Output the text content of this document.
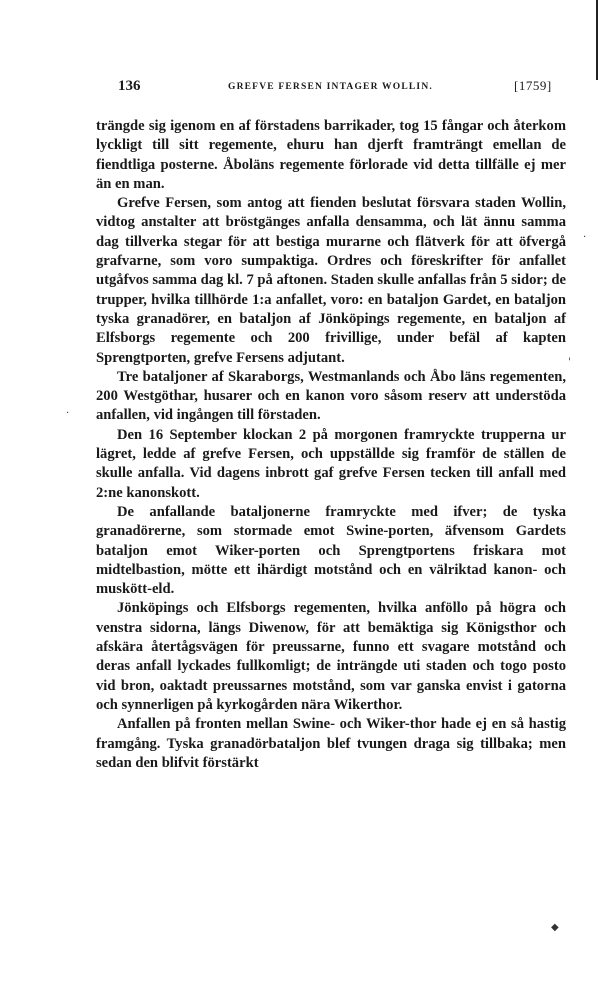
136	GREFVE FERSEN INTAGER WOLLIN.	[1759]

trängde sig igenom en af förstadens barrikader, tog 15 fångar och återkom lyckligt till sitt regemente, ehuru han djerft framträngt emellan de fiendtliga posterne. Åboläns regemente förlorade vid detta tillfälle ej mer än en man.

Grefve Fersen, som antog att fienden beslutat försvara staden Wollin, vidtog anstalter att bröstgänges anfalla densamma, och lät ännu samma dag tillverka stegar för att bestiga murarne och flätverk för att öfvergå grafvarne, som voro sumpaktiga. Ordres och föreskrifter för anfallet utgåfvos samma dag kl. 7 på aftonen. Staden skulle anfallas från 5 sidor; de trupper, hvilka tillhörde 1:a anfallet, voro: en bataljon Gardet, en bataljon tyska granadörer, en bataljon af Jönköpings regemente, en bataljon af Elfsborgs regemente och 200 frivillige, under befäl af kapten Sprengtporten, grefve Fersens adjutant.

Tre bataljoner af Skaraborgs, Westmanlands och Åbo läns regementen, 200 Westgöthar, husarer och en kanon voro såsom reserv att understöda anfallen, vid ingången till förstaden.

Den 16 September klockan 2 på morgonen framryckte trupperna ur lägret, ledde af grefve Fersen, och uppställde sig framför de ställen de skulle anfalla. Vid dagens inbrott gaf grefve Fersen tecken till anfall med 2:ne kanonskott.

De anfallande bataljonerne framryckte med ifver; de tyska granadörerne, som stormade emot Swine-porten, äfvensom Gardets bataljon emot Wiker-porten och Sprengtportens friskara mot midtelbastion, mötte ett ihärdigt motstånd och en välriktad kanon- och muskött-eld.

Jönköpings och Elfsborgs regementen, hvilka anföllo på högra och venstra sidorna, längs Diwenow, för att bemäktiga sig Königsthor och afskära återtågsvägen för preussarne, funno ett svagare motstånd och deras anfall lyckades fullkomligt; de inträngde uti staden och togo posto vid bron, oaktadt preussarnes motstånd, som var ganska envist i gatorna och synnerligen på kyrkogården nära Wikerthor.

Anfallen på fronten mellan Swine- och Wiker-thor hade ej en så hastig framgång. Tyska granadörbataljon blef tvungen draga sig tillbaka; men sedan den blifvit förstärkt

·
·
'
◆
